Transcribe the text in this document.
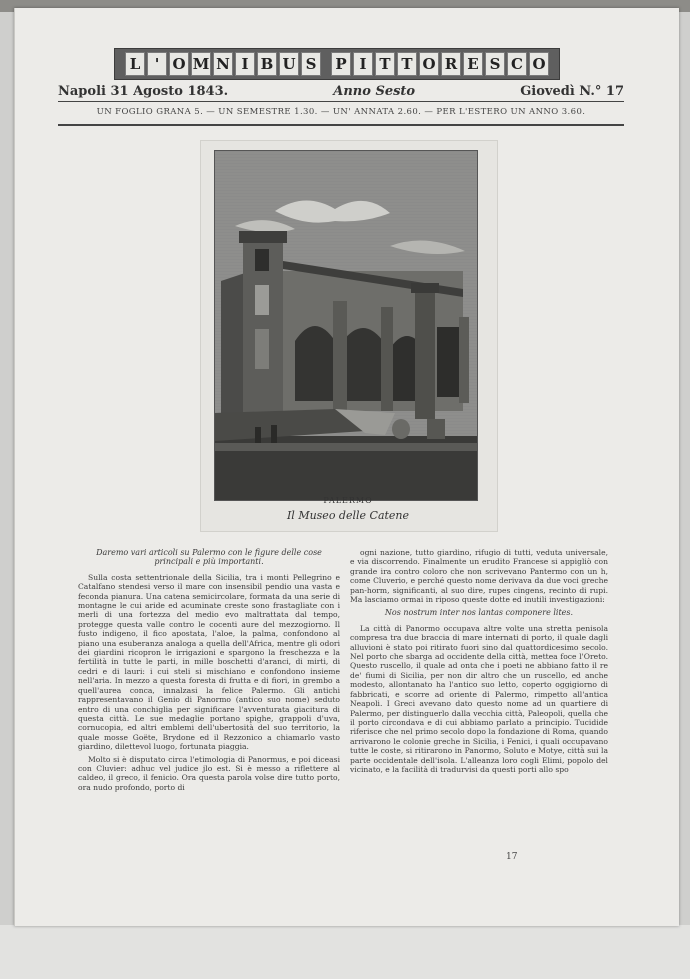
L ' O M N I B U S	P I T T O R E S C O
Napoli 31 Agosto 1843.	Anno Sesto	Giovedì N.° 17
UN FOGLIO GRANA 5. — UN SEMESTRE 1.30. — UN' ANNATA 2.60. — PER L'ESTERO UN ANNO 3.60.
PALERMO
Il Museo delle Catene

Daremo vari articoli su Palermo con le figure delle cose principali e più importanti.

Sulla costa settentrionale della Sicilia, tra i monti Pellegrino e Catalfano stendesi verso il mare con insensibil pendio una vasta e feconda pianura. Una catena semicircolare, formata da una serie di montagne le cui aride ed acuminate creste sono frastagliate con i merli di una fortezza del medio evo maltrattata dal tempo, protegge questa valle contro le cocenti aure del mezzogiorno. Il fusto indigeno, il fico apostata, l'aloe, la palma, confondono al piano una esuberanza analoga a quella dell'Africa, mentre gli odori dei giardini ricopron le irrigazioni e spargono la freschezza e la fertilità in tutte le parti, in mille boschetti d'aranci, di mirti, di cedri e di lauri: i cui steli si mischiano e confondono insieme nell'aria. In mezzo a questa foresta di frutta e di fiori, in grembo a quell'aurea conca, innalzasi la felice Palermo. Gli antichi rappresentavano il Genio di Panormo (antico suo nome) seduto entro di una conchiglia per significare l'avventurata giacitura di questa città. Le sue medaglie portano spighe, grappoli d'uva, cornucopia, ed altri emblemi dell'ubertosità del suo territorio, la quale mosse Goëte, Brydone ed il Rezzonico a chiamarlo vasto giardino, dilettevol luogo, fortunata piaggia.

Molto si è disputato circa l'etimologia di Panormus, e poi diceasi con Cluvier: adhuc vel judice jlo est. Si è messo a riflettere al caldeo, il greco, il fenicio. Ora questa parola volse dire tutto porto, ora nudo profondo, porto di

ogni nazione, tutto giardino, rifugio di tutti, veduta universale, e via discorrendo. Finalmente un erudito Francese si appigliò con grande ira contro coloro che non scrivevano Pantermo con un h, come Cluverio, e perché questo nome derivava da due voci greche pan-horm, significanti, al suo dire, rupes cingens, recinto di rupi. Ma lasciamo ormai in riposo queste dotte ed inutili investigazioni:

Nos nostrum inter nos lantas componere lites.

La città di Panormo occupava altre volte una stretta penisola compresa tra due braccia di mare internati di porto, il quale dagli alluvioni è stato poi ritirato fuori sino dal quattordicesimo secolo. Nel porto che sbarga ad occidente della città, mettea foce l'Oreto. Questo ruscello, il quale ad onta che i poeti ne abbiano fatto il re de' fiumi di Sicilia, per non dir altro che un ruscello, ed anche modesto, allontanato ha l'antico suo letto, coperto oggigiorno di fabbricati, e scorre ad oriente di Palermo, rimpetto all'antica Neapoli. I Greci avevano dato questo nome ad un quartiere di Palermo, per distinguerlo dalla vecchia città, Paleopoli, quella che il porto circondava e di cui abbiamo parlato a principio. Tucidide riferisce che nel primo secolo dopo la fondazione di Roma, quando arrivarono le colonie greche in Sicilia, i Fenici, i quali occupavano tutte le coste, si ritirarono in Panormo, Soluto e Motye, città sui la parte occidentale dell'isola. L'alleanza loro cogli Elimi, popolo del vicinato, e la facilità di tradurvisi da questi porti allo spo

17
